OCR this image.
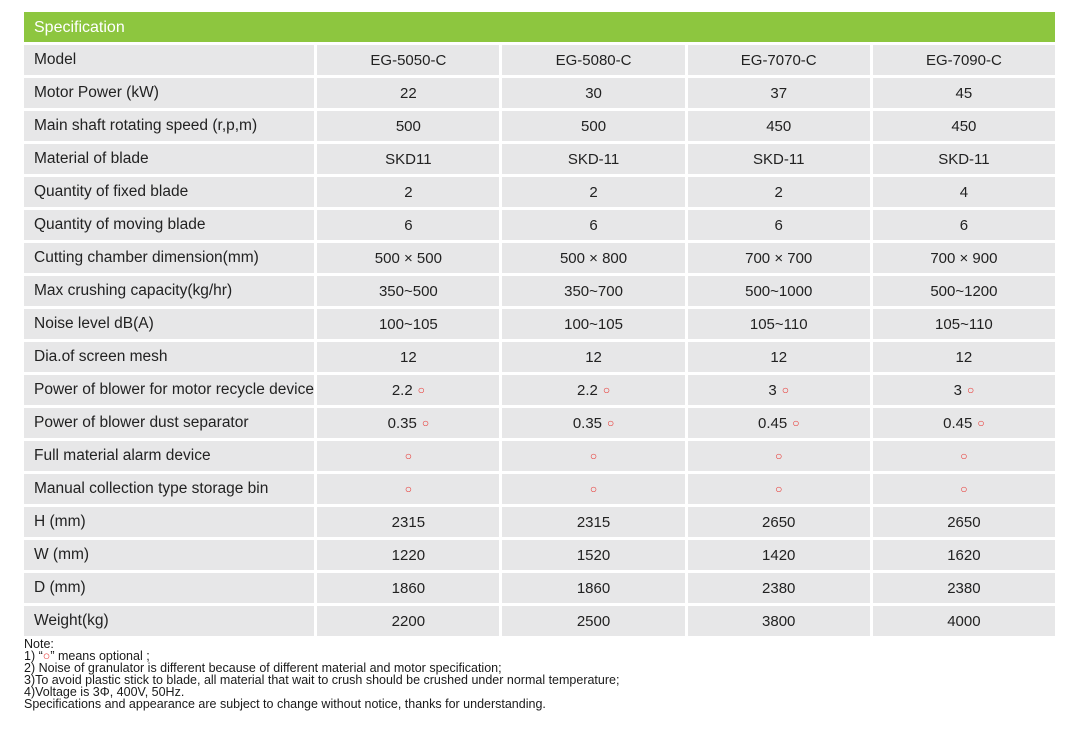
Specification
Model	EG-5050-C	EG-5080-C	EG-7070-C	EG-7090-C
Motor Power (kW)	22	30	37	45
Main shaft rotating speed (r,p,m)	500	500	450	450
Material of blade	SKD11	SKD-11	SKD-11	SKD-11
Quantity of fixed blade	2	2	2	4
Quantity of moving blade	6	6	6	6
Cutting chamber dimension(mm)	500 × 500	500 × 800	700 × 700	700 × 900
Max crushing capacity(kg/hr)	350~500	350~700	500~1000	500~1200
Noise level dB(A)	100~105	100~105	105~110	105~110
Dia.of screen mesh	12	12	12	12
Power of blower for motor recycle device	2.2 ○	2.2 ○	3 ○	3 ○
Power of blower dust separator	0.35 ○	0.35 ○	0.45 ○	0.45 ○
Full material alarm device	○	○	○	○
Manual collection type storage bin	○	○	○	○
H (mm)	2315	2315	2650	2650
W (mm)	1220	1520	1420	1620
D (mm)	1860	1860	2380	2380
Weight(kg)	2200	2500	3800	4000
Note:
1) “○” means optional ;
2) Noise of granulator is different because of different material and motor specification;
3)To avoid plastic stick to blade, all material that wait to crush should be crushed under normal temperature;
4)Voltage is 3Φ, 400V, 50Hz.
Specifications and appearance are subject to change without notice, thanks for understanding.
